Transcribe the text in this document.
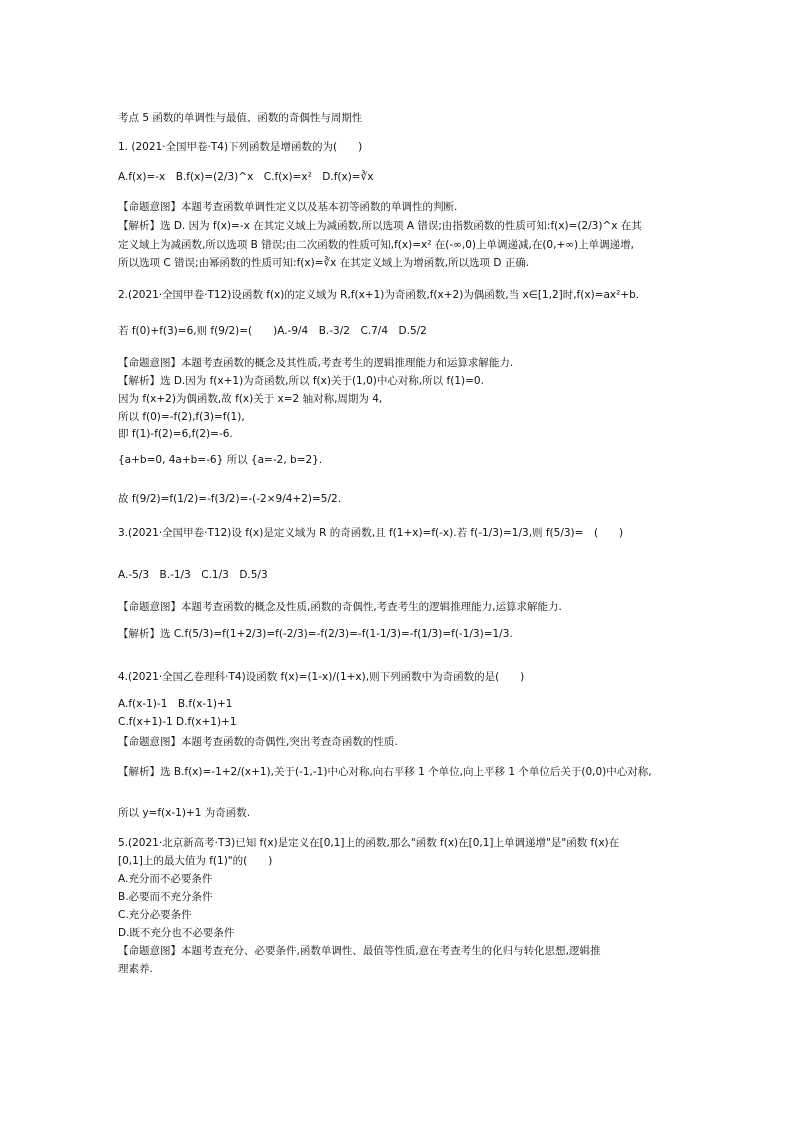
考点 5 函数的单调性与最值、函数的奇偶性与周期性
1. (2021·全国甲卷·T4)下列函数是增函数的为(　　)
A.f(x)=-x　B.f(x)=(2/3)^x　C.f(x)=x²　D.f(x)=∛x
【命题意图】本题考查函数单调性定义以及基本初等函数的单调性的判断.
【解析】选 D. 因为 f(x)=-x 在其定义域上为减函数,所以选项 A 错误;由指数函数的性质可知:f(x)=(2/3)^x 在其
定义域上为减函数,所以选项 B 错误;由二次函数的性质可知,f(x)=x² 在(-∞,0)上单调递减,在(0,+∞)上单调递增,
所以选项 C 错误;由幂函数的性质可知:f(x)=∛x 在其定义域上为增函数,所以选项 D 正确.
2.(2021·全国甲卷·T12)设函数 f(x)的定义域为 R,f(x+1)为奇函数,f(x+2)为偶函数,当 x∈[1,2]时,f(x)=ax²+b.
若 f(0)+f(3)=6,则 f(9/2)=(　　)A.-9/4　B.-3/2　C.7/4　D.5/2
【命题意图】本题考查函数的概念及其性质,考查考生的逻辑推理能力和运算求解能力.
【解析】选 D.因为 f(x+1)为奇函数,所以 f(x)关于(1,0)中心对称,所以 f(1)=0.
因为 f(x+2)为偶函数,故 f(x)关于 x=2 轴对称,周期为 4,
所以 f(0)=-f(2),f(3)=f(1),
即 f(1)-f(2)=6,f(2)=-6.
{a+b=0, 4a+b=-6} 所以 {a=-2, b=2}.
故 f(9/2)=f(1/2)=-f(3/2)=-(-2×9/4+2)=5/2.
3.(2021·全国甲卷·T12)设 f(x)是定义域为 R 的奇函数,且 f(1+x)=f(-x).若 f(-1/3)=1/3,则 f(5/3)=　(　　)
A.-5/3　B.-1/3　C.1/3　D.5/3
【命题意图】本题考查函数的概念及性质,函数的奇偶性,考查考生的逻辑推理能力,运算求解能力.
【解析】选 C.f(5/3)=f(1+2/3)=f(-2/3)=-f(2/3)=-f(1-1/3)=-f(1/3)=f(-1/3)=1/3.
4.(2021·全国乙卷理科·T4)设函数 f(x)=(1-x)/(1+x),则下列函数中为奇函数的是(　　)
A.f(x-1)-1　B.f(x-1)+1
C.f(x+1)-1 D.f(x+1)+1
【命题意图】本题考查函数的奇偶性,突出考查奇函数的性质.
【解析】选 B.f(x)=-1+2/(x+1),关于(-1,-1)中心对称,向右平移 1 个单位,向上平移 1 个单位后关于(0,0)中心对称,
所以 y=f(x-1)+1 为奇函数.
5.(2021·北京新高考·T3)已知 f(x)是定义在[0,1]上的函数,那么"函数 f(x)在[0,1]上单调递增"是"函数 f(x)在
[0,1]上的最大值为 f(1)"的(　　)
A.充分而不必要条件
B.必要而不充分条件
C.充分必要条件
D.既不充分也不必要条件
【命题意图】本题考查充分、必要条件,函数单调性、最值等性质,意在考查考生的化归与转化思想,逻辑推
理素养.
